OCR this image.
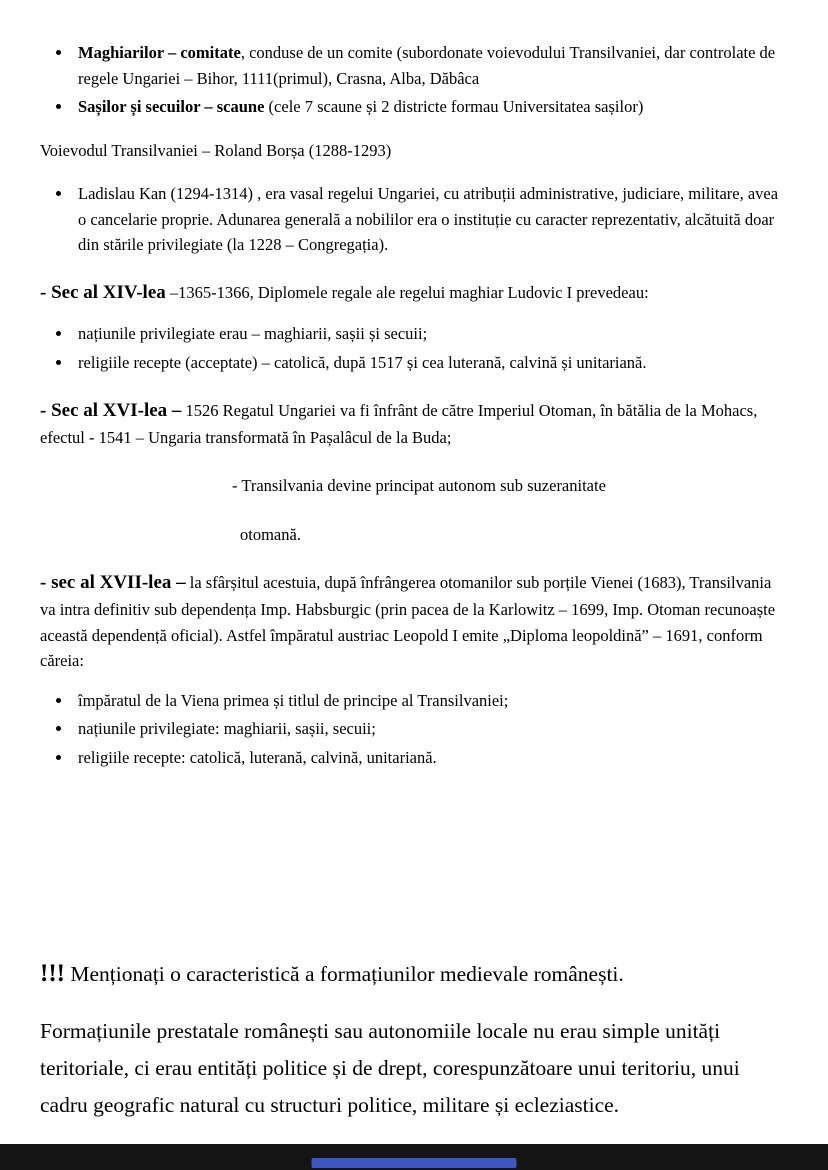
• Maghiarilor – comitate, conduse de un comite (subordonate voievodului Transilvaniei, dar controlate de regele Ungariei – Bihor, 1111(primul), Crasna, Alba, Dăbâca
• Sașilor și secuilor – scaune (cele 7 scaune și 2 districte formau Universitatea sașilor)

Voievodul Transilvaniei – Roland Borșa (1288-1293)

• Ladislau Kan (1294-1314) , era vasal regelui Ungariei, cu atribuții administrative, judiciare, militare, avea o cancelarie proprie. Adunarea generală a nobililor era o instituție cu caracter reprezentativ, alcătuită doar din stările privilegiate (la 1228 – Congregația).

- Sec al XIV-lea –1365-1366, Diplomele regale ale regelui maghiar Ludovic I prevedeau:

• națiunile privilegiate erau – maghiarii, sașii și secuii;
• religiile recepte (acceptate) – catolică, după 1517 și cea luterană, calvină și unitariană.

- Sec al XVI-lea – 1526 Regatul Ungariei va fi înfrânt de către Imperiul Otoman, în bătălia de la Mohacs, efectul - 1541 – Ungaria transformată în Pașalâcul de la Buda;

- Transilvania devine principat autonom sub suzeranitate

otomană.

- sec al XVII-lea – la sfârșitul acestuia, după înfrângerea otomanilor sub porțile Vienei (1683), Transilvania va intra definitiv sub dependența Imp. Habsburgic (prin pacea de la Karlowitz – 1699, Imp. Otoman recunoaște această dependență oficial). Astfel împăratul austriac Leopold I emite „Diploma leopoldină” – 1691, conform căreia:

• împăratul de la Viena primea și titlul de principe al Transilvaniei;
• națiunile privilegiate: maghiarii, sașii, secuii;
• religiile recepte: catolică, luterană, calvină, unitariană.

!!! Menționați o caracteristică a formațiunilor medievale românești.

Formațiunile prestatale românești sau autonomiile locale nu erau simple unități teritoriale, ci erau entități politice și de drept, corespunzătoare unui teritoriu, unui cadru geografic natural cu structuri politice, militare și ecleziastice.
